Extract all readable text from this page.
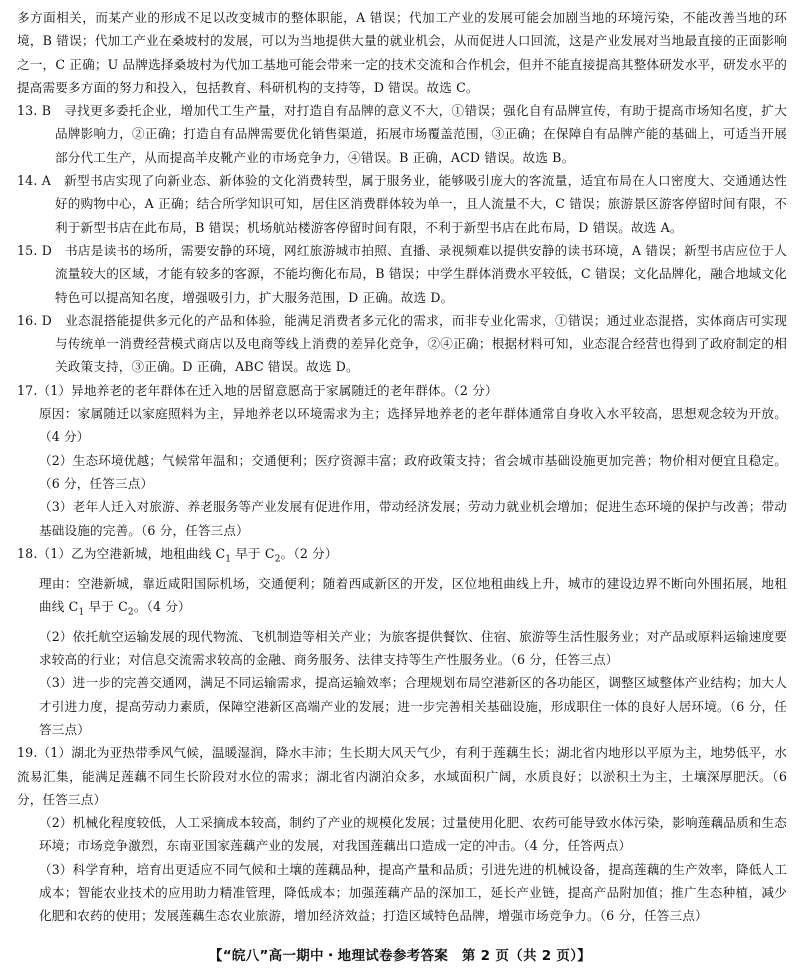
多方面相关，而某产业的形成不足以改变城市的整体职能，A 错误；代加工产业的发展可能会加剧当地的环境污染，不能改善当地的环境，B 错误；代加工产业在桑坡村的发展，可以为当地提供大量的就业机会，从而促进人口回流，这是产业发展对当地最直接的正面影响之一，C 正确；U 品牌选择桑坡村为代加工基地可能会带来一定的技术交流和合作机会，但并不能直接提高其整体研发水平，研发水平的提高需要多方面的努力和投入，包括教育、科研机构的支持等，D 错误。故选 C。

13. B　寻找更多委托企业，增加代工生产量，对打造自有品牌的意义不大，①错误；强化自有品牌宣传，有助于提高市场知名度，扩大品牌影响力，②正确；打造自有品牌需要优化销售渠道，拓展市场覆盖范围，③正确；在保障自有品牌产能的基础上，可适当开展部分代工生产，从而提高羊皮靴产业的市场竞争力，④错误。B 正确，ACD 错误。故选 B。

14. A　新型书店实现了向新业态、新体验的文化消费转型，属于服务业，能够吸引庞大的客流量，适宜布局在人口密度大、交通通达性好的购物中心，A 正确；结合所学知识可知，居住区消费群体较为单一，且人流量不大，C 错误；旅游景区游客停留时间有限，不利于新型书店在此布局，B 错误；机场航站楼游客停留时间有限，不利于新型书店在此布局，D 错误。故选 A。

15. D　书店是读书的场所，需要安静的环境，网红旅游城市拍照、直播、录视频难以提供安静的读书环境，A 错误；新型书店应位于人流量较大的区域，才能有较多的客源，不能均衡化布局，B 错误；中学生群体消费水平较低，C 错误；文化品牌化，融合地域文化特色可以提高知名度，增强吸引力，扩大服务范围，D 正确。故选 D。

16. D　业态混搭能提供多元化的产品和体验，能满足消费者多元化的需求，而非专业化需求，①错误；通过业态混搭，实体商店可实现与传统单一消费经营模式商店以及电商等线上消费的差异化竞争，②④正确；根据材料可知，业态混合经营也得到了政府制定的相关政策支持，③正确。D 正确，ABC 错误。故选 D。

17.（1）异地养老的老年群体在迁入地的居留意愿高于家属随迁的老年群体。（2 分）

原因：家属随迁以家庭照料为主，异地养老以环境需求为主；选择异地养老的老年群体通常自身收入水平较高，思想观念较为开放。（4 分）

（2）生态环境优越；气候常年温和；交通便利；医疗资源丰富；政府政策支持；省会城市基础设施更加完善；物价相对便宜且稳定。（6 分，任答三点）

（3）老年人迁入对旅游、养老服务等产业发展有促进作用，带动经济发展；劳动力就业机会增加；促进生态环境的保护与改善；带动基础设施的完善。（6 分，任答三点）

18.（1）乙为空港新城，地租曲线 $C_1$ 早于 $C_2$。（2 分）

理由：空港新城，靠近咸阳国际机场，交通便利；随着西咸新区的开发，区位地租曲线上升，城市的建设边界不断向外围拓展，地租曲线 $C_1$ 早于 $C_2$。（4 分）

（2）依托航空运输发展的现代物流、飞机制造等相关产业；为旅客提供餐饮、住宿、旅游等生活性服务业；对产品或原料运输速度要求较高的行业；对信息交流需求较高的金融、商务服务、法律支持等生产性服务业。（6 分，任答三点）

（3）进一步的完善交通网，满足不同运输需求，提高运输效率；合理规划布局空港新区的各功能区，调整区域整体产业结构；加大人才引进力度，提高劳动力素质，保障空港新区高端产业的发展；进一步完善相关基础设施，形成职住一体的良好人居环境。（6 分，任答三点）

19.（1）湖北为亚热带季风气候，温暖湿润，降水丰沛；生长期大风天气少，有利于莲藕生长；湖北省内地形以平原为主，地势低平，水流易汇集，能满足莲藕不同生长阶段对水位的需求；湖北省内湖泊众多，水域面积广阔，水质良好；以淤积土为主，土壤深厚肥沃。（6 分，任答三点）

（2）机械化程度较低，人工采摘成本较高，制约了产业的规模化发展；过量使用化肥、农药可能导致水体污染，影响莲藕品质和生态环境；市场竞争激烈，东南亚国家莲藕产业的发展，对我国莲藕出口造成一定的冲击。（4 分，任答两点）

（3）科学育种，培育出更适应不同气候和土壤的莲藕品种，提高产量和品质；引进先进的机械设备，提高莲藕的生产效率，降低人工成本；智能农业技术的应用助力精准管理，降低成本；加强莲藕产品的深加工，延长产业链，提高产品附加值；推广生态种植，减少化肥和农药的使用；发展莲藕生态农业旅游，增加经济效益；打造区域特色品牌，增强市场竞争力。（6 分，任答三点）

【“皖八”高一期中・地理试卷参考答案　第 2 页（共 2 页）】
